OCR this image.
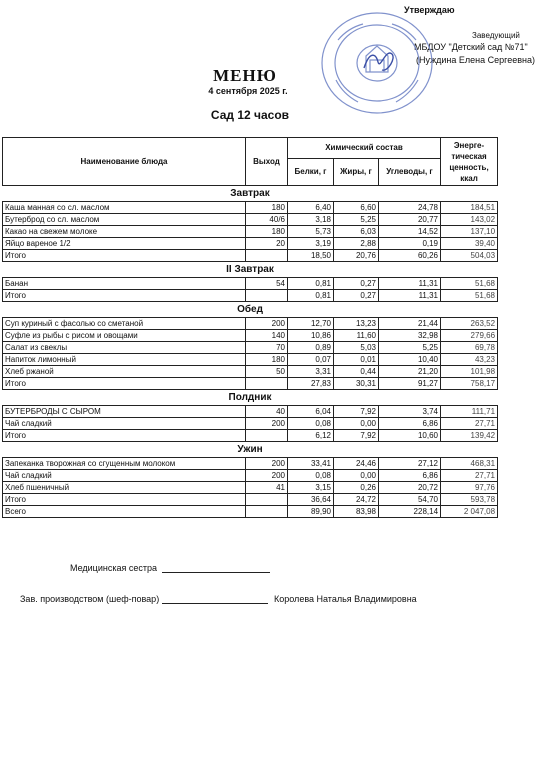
Утверждаю
Заведующий
МБДОУ "Детский сад №71"
(Нуждина Елена Сергеевна)
МЕНЮ
4 сентября 2025 г.
Сад 12 часов
Наименование блюда	Выход	Химический состав			Энерге-тическая ценность, ккал
		Белки, г	Жиры, г	Углеводы, г	
Завтрак					
Каша манная со сл. маслом	180	6,40	6,60	24,78	184,51
Бутерброд со сл. маслом	40/6	3,18	5,25	20,77	143,02
Какао на свежем молоке	180	5,73	6,03	14,52	137,10
Яйцо вареное 1/2	20	3,19	2,88	0,19	39,40
Итого		18,50	20,76	60,26	504,03
II Завтрак					
Банан	54	0,81	0,27	11,31	51,68
Итого		0,81	0,27	11,31	51,68
Обед					
Суп куриный с фасолью со сметаной	200	12,70	13,23	21,44	263,52
Суфле из рыбы с рисом и овощами	140	10,86	11,60	32,98	279,66
Салат из свеклы	70	0,89	5,03	5,25	69,78
Напиток лимонный	180	0,07	0,01	10,40	43,23
Хлеб ржаной	50	3,31	0,44	21,20	101,98
Итого		27,83	30,31	91,27	758,17
Полдник					
БУТЕРБРОДЫ С СЫРОМ	40	6,04	7,92	3,74	111,71
Чай сладкий	200	0,08	0,00	6,86	27,71
Итого		6,12	7,92	10,60	139,42
Ужин					
Запеканка творожная со сгущенным молоком	200	33,41	24,46	27,12	468,31
Чай сладкий	200	0,08	0,00	6,86	27,71
Хлеб пшеничный	41	3,15	0,26	20,72	97,76
Итого		36,64	24,72	54,70	593,78
Всего		89,90	83,98	228,14	2 047,08
Медицинская сестра
Зав. производством (шеф-повар)	Королева Наталья Владимировна
